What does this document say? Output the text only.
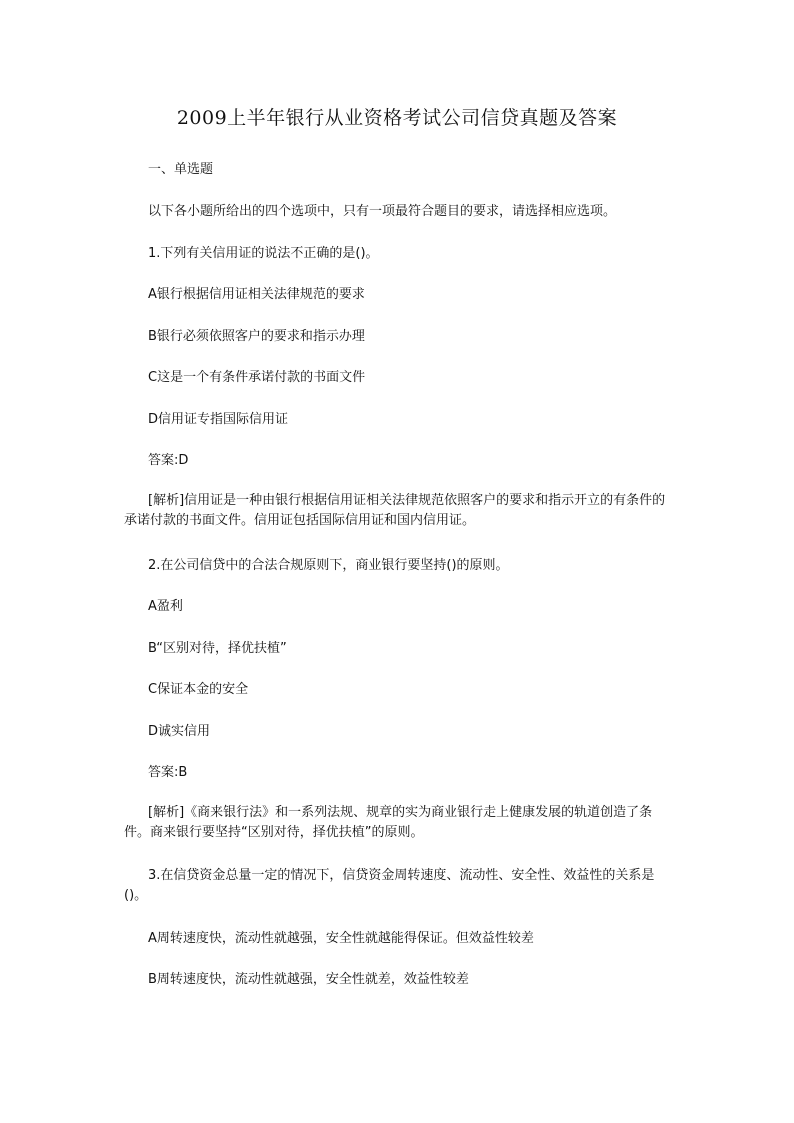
2009上半年银行从业资格考试公司信贷真题及答案
一、单选题
以下各小题所给出的四个选项中，只有一项最符合题目的要求，请选择相应选项。
1.下列有关信用证的说法不正确的是()。
A银行根据信用证相关法律规范的要求
B银行必须依照客户的要求和指示办理
C这是一个有条件承诺付款的书面文件
D信用证专指国际信用证
答案:D

[解析]信用证是一种由银行根据信用证相关法律规范依照客户的要求和指示开立的有条件的承诺付款的书面文件。信用证包括国际信用证和国内信用证。

2.在公司信贷中的合法合规原则下，商业银行要坚持()的原则。
A盈利
B“区别对待，择优扶植”
C保证本金的安全
D诚实信用
答案:B

[解析]《商来银行法》和一系列法规、规章的实为商业银行走上健康发展的轨道创造了条件。商来银行要坚持“区别对待，择优扶植”的原则。

3.在信贷资金总量一定的情况下，信贷资金周转速度、流动性、安全性、效益性的关系是()。

A周转速度快，流动性就越强，安全性就越能得保证。但效益性较差
B周转速度快，流动性就越强，安全性就差，效益性较差
